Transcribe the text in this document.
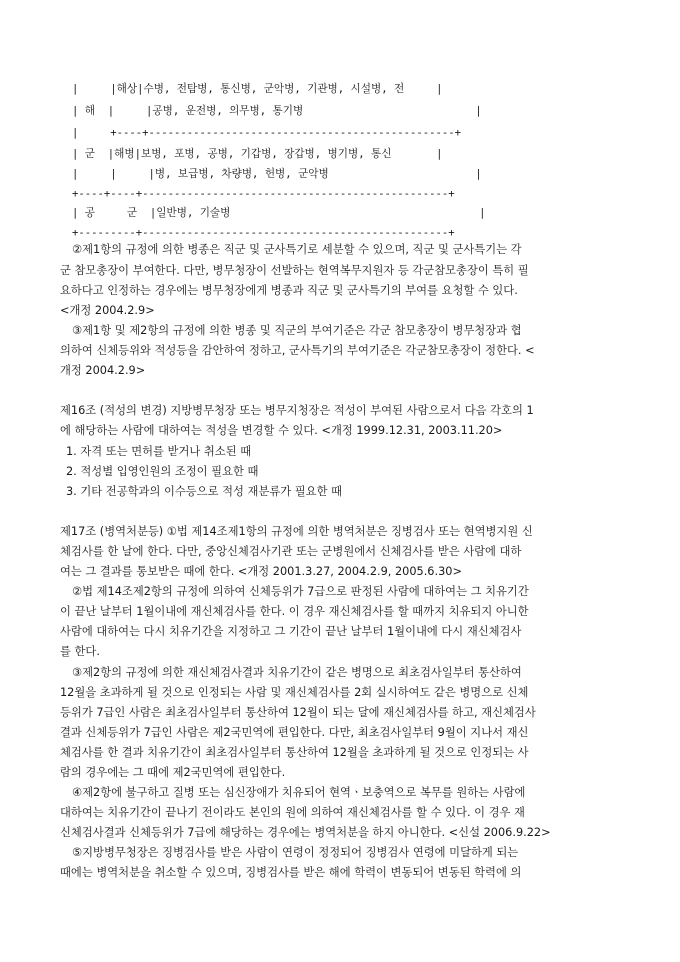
|     |해상|수병, 전탐병, 통신병, 군악병, 기관병, 시설병, 전     |
| 해  |     |공병, 운전병, 의무병, 통기병                           |
|     +----+------------------------------------------------+
| 군  |해병|보병, 포병, 공병, 기갑병, 장갑병, 병기병, 통신       |
|     |     |병, 보급병, 차량병, 헌병, 군악병                       |
+----+----+------------------------------------------------+
| 공     군  |일반병, 기술병                                       |
+---------+------------------------------------------------+
②제1항의 규정에 의한 병종은 직군 및 군사특기로 세분할 수 있으며, 직군 및 군사특기는 각
군 참모총장이 부여한다. 다만, 병무청장이 선발하는 현역복무지원자 등 각군참모총장이 특히 필
요하다고 인정하는 경우에는 병무청장에게 병종과 직군 및 군사특기의 부여를 요청할 수 있다.
<개정 2004.2.9>
③제1항 및 제2항의 규정에 의한 병종 및 직군의 부여기준은 각군 참모총장이 병무청장과 협
의하여 신체등위와 적성등을 감안하여 정하고, 군사특기의 부여기준은 각군참모총장이 정한다. <
개정 2004.2.9>
제16조 (적성의 변경) 지방병무청장 또는 병무지청장은 적성이 부여된 사람으로서 다음 각호의 1
에 해당하는 사람에 대하여는 적성을 변경할 수 있다. <개정 1999.12.31, 2003.11.20>
1. 자격 또는 면허를 받거나 취소된 때
2. 적성별 입영인원의 조정이 필요한 때
3. 기타 전공학과의 이수등으로 적성 재분류가 필요한 때
제17조 (병역처분등) ①법 제14조제1항의 규정에 의한 병역처분은 징병검사 또는 현역병지원 신
체검사를 한 날에 한다. 다만, 중앙신체검사기관 또는 군병원에서 신체검사를 받은 사람에 대하
여는 그 결과를 통보받은 때에 한다. <개정 2001.3.27, 2004.2.9, 2005.6.30>
②법 제14조제2항의 규정에 의하여 신체등위가 7급으로 판정된 사람에 대하여는 그 치유기간
이 끝난 날부터 1월이내에 재신체검사를 한다. 이 경우 재신체검사를 할 때까지 치유되지 아니한
사람에 대하여는 다시 치유기간을 지정하고 그 기간이 끝난 날부터 1월이내에 다시 재신체검사
를 한다.
③제2항의 규정에 의한 재신체검사결과 치유기간이 같은 병명으로 최초검사일부터 통산하여
12월을 초과하게 될 것으로 인정되는 사람 및 재신체검사를 2회 실시하여도 같은 병명으로 신체
등위가 7급인 사람은 최초검사일부터 통산하여 12월이 되는 달에 재신체검사를 하고, 재신체검사
결과 신체등위가 7급인 사람은 제2국민역에 편입한다. 다만, 최초검사일부터 9월이 지나서 재신
체검사를 한 결과 치유기간이 최초검사일부터 통산하여 12월을 초과하게 될 것으로 인정되는 사
람의 경우에는 그 때에 제2국민역에 편입한다.
④제2항에 불구하고 질병 또는 심신장애가 치유되어 현역ㆍ보충역으로 복무를 원하는 사람에
대하여는 치유기간이 끝나기 전이라도 본인의 원에 의하여 재신체검사를 할 수 있다. 이 경우 재
신체검사결과 신체등위가 7급에 해당하는 경우에는 병역처분을 하지 아니한다. <신설 2006.9.22>
⑤지방병무청장은 징병검사를 받은 사람이 연령이 정정되어 징병검사 연령에 미달하게 되는
때에는 병역처분을 취소할 수 있으며, 징병검사를 받은 해에 학력이 변동되어 변동된 학력에 의
